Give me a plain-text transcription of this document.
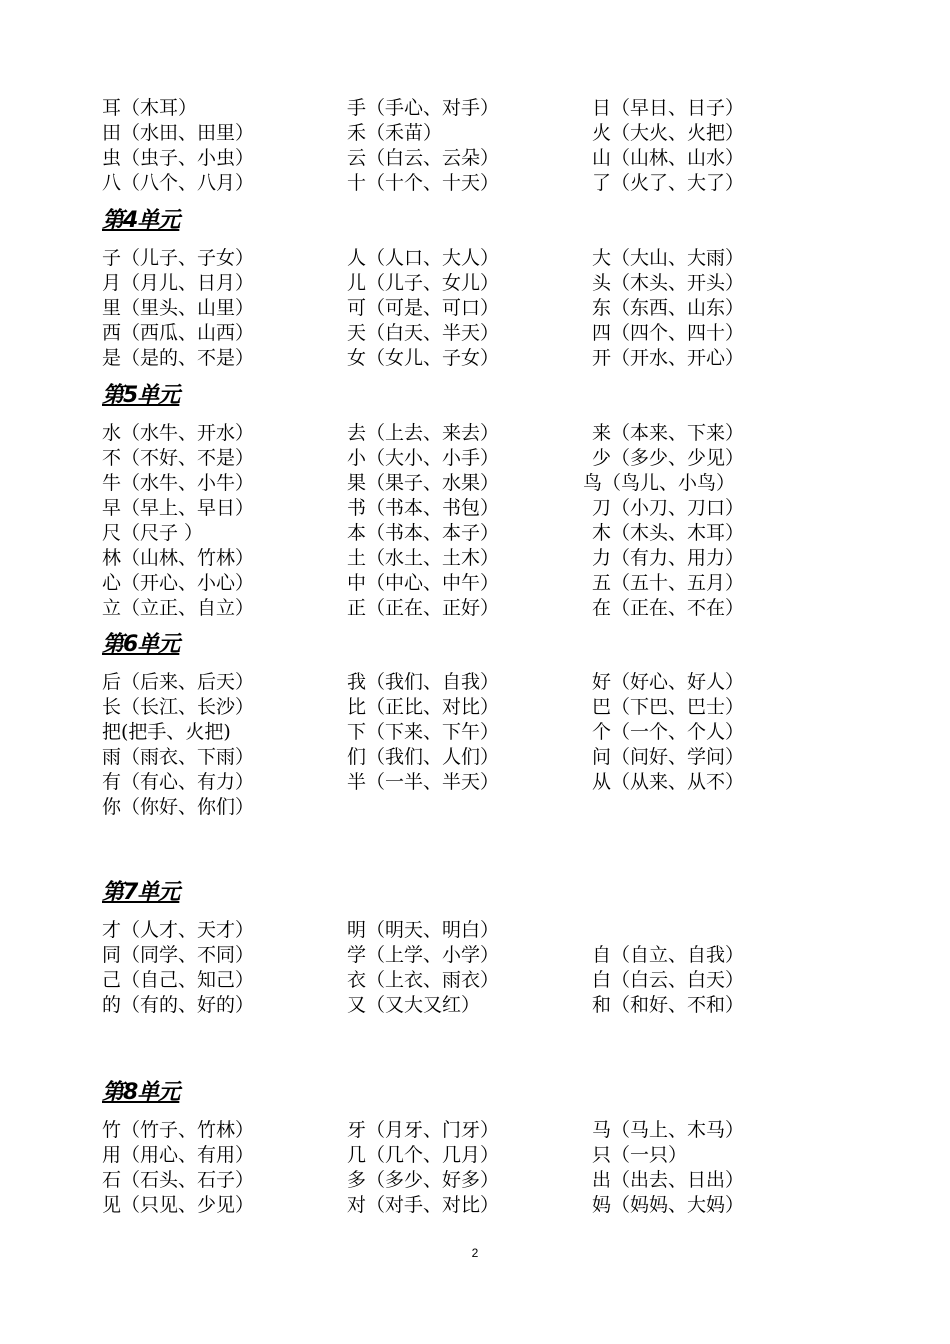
耳（木耳）	手（手心、对手）	日（早日、日子）
田（水田、田里）	禾（禾苗）	火（大火、火把）
虫（虫子、小虫）	云（白云、云朵）	山（山林、山水）
八（八个、八月）	十（十个、十天）	了（火了、大了）
第4单元
子（儿子、子女）	人（人口、大人）	大（大山、大雨）
月（月儿、日月）	儿（儿子、女儿）	头（木头、开头）
里（里头、山里）	可（可是、可口）	东（东西、山东）
西（西瓜、山西）	天（白天、半天）	四（四个、四十）
是（是的、不是）	女（女儿、子女）	开（开水、开心）
第5单元
水（水牛、开水）	去（上去、来去）	来（本来、下来）
不（不好、不是）	小（大小、小手）	少（多少、少见）
牛（水牛、小牛）	果（果子、水果）	鸟（鸟儿、小鸟）
早（早上、早日）	书（书本、书包）	刀（小刀、刀口）
尺（尺子 ）	本（书本、本子）	木（木头、木耳）
林（山林、竹林）	土（水土、土木）	力（有力、用力）
心（开心、小心）	中（中心、中午）	五（五十、五月）
立（立正、自立）	正（正在、正好）	在（正在、不在）
第6单元
后（后来、后天）	我（我们、自我）	好（好心、好人）
长（长江、长沙）	比（正比、对比）	巴（下巴、巴士）
把(把手、火把)	下（下来、下午）	个（一个、个人）
雨（雨衣、下雨）	们（我们、人们）	问（问好、学问）
有（有心、有力）	半（一半、半天）	从（从来、从不）
你（你好、你们）
第7单元
才（人才、天才）	明（明天、明白）
同（同学、不同）	学（上学、小学）	自（自立、自我）
己（自己、知己）	衣（上衣、雨衣）	白（白云、白天）
的（有的、好的）	又（又大又红）	和（和好、不和）
第8单元
竹（竹子、竹林）	牙（月牙、门牙）	马（马上、木马）
用（用心、有用）	几（几个、几月）	只（一只）
石（石头、石子）	多（多少、好多）	出（出去、日出）
见（只见、少见）	对（对手、对比）	妈（妈妈、大妈）
2
